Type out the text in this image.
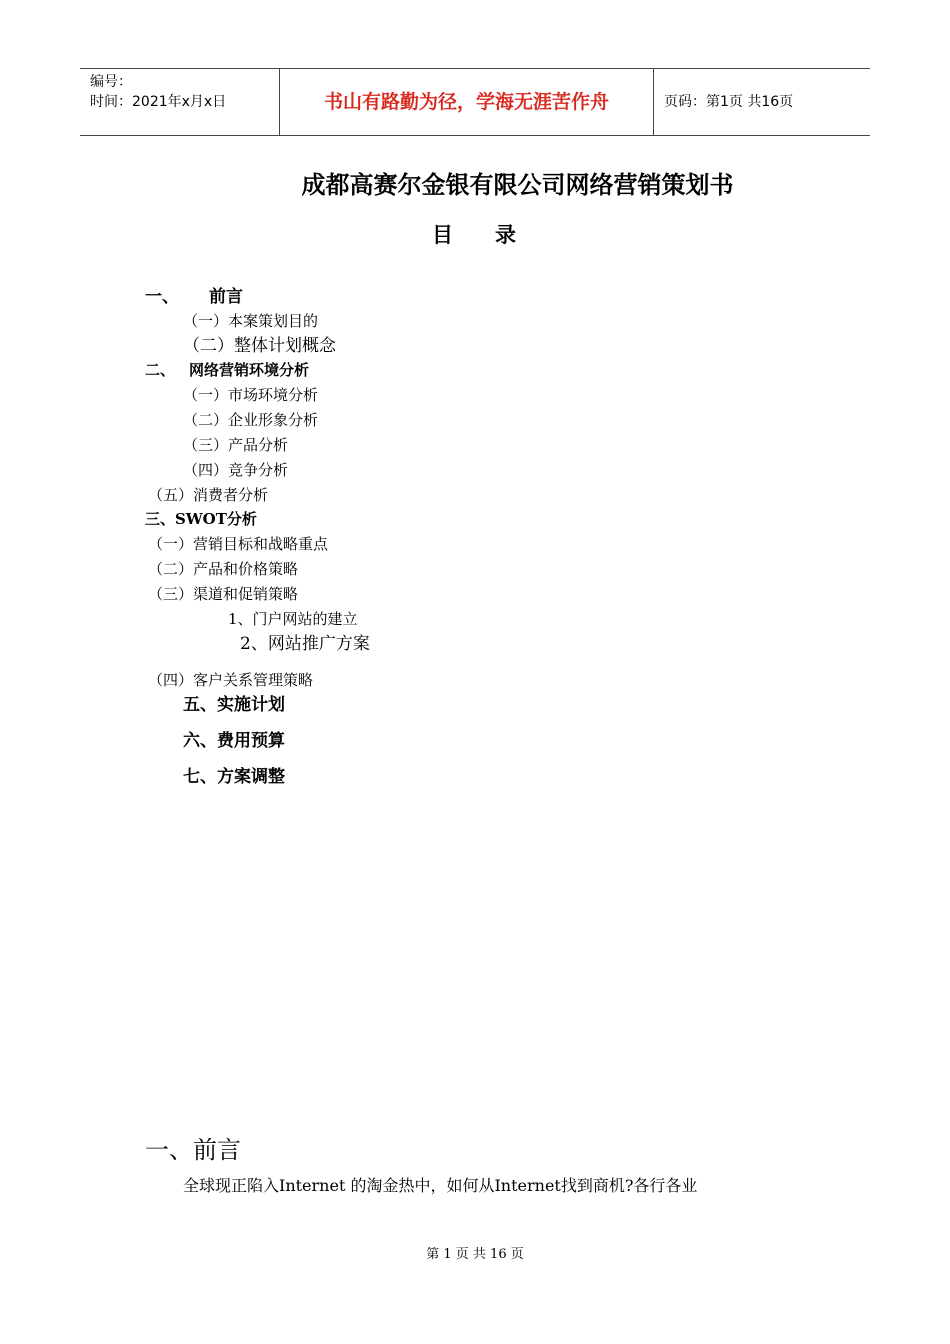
编号：
时间：2021年x月x日	书山有路勤为径，学海无涯苦作舟	页码：第1页 共16页
成都高赛尔金银有限公司网络营销策划书
目 录
一、 前言
（一）本案策划目的
（二）整体计划概念
二、 网络营销环境分析
（一）市场环境分析
（二）企业形象分析
（三）产品分析
（四）竞争分析
（五）消费者分析
三、SWOT分析
（一）营销目标和战略重点
（二）产品和价格策略
（三）渠道和促销策略
1、门户网站的建立
2、网站推广方案
（四）客户关系管理策略
五、实施计划
六、费用预算
七、方案调整
一、前言
全球现正陷入Internet 的淘金热中，如何从Internet找到商机?各行各业
第 1 页 共 16 页
